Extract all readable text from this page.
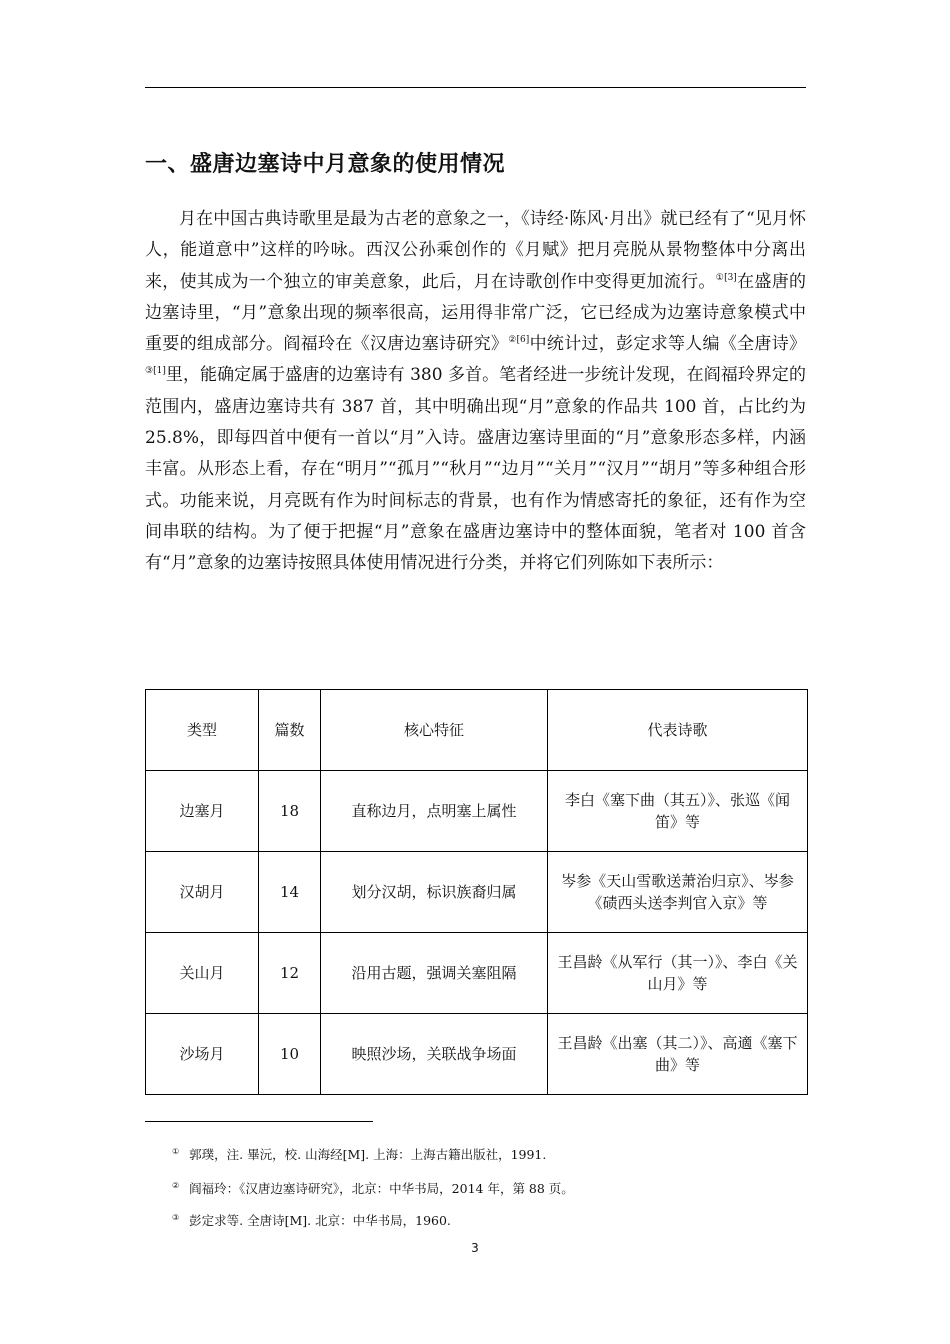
一、盛唐边塞诗中月意象的使用情况

月在中国古典诗歌里是最为古老的意象之一，《诗经·陈风·月出》就已经有了“见月怀人，能道意中”这样的吟咏。西汉公孙乘创作的《月赋》把月亮脱从景物整体中分离出来，使其成为一个独立的审美意象，此后，月在诗歌创作中变得更加流行。$^{①[3]}$在盛唐的边塞诗里，“月”意象出现的频率很高，运用得非常广泛，它已经成为边塞诗意象模式中重要的组成部分。阎福玲在《汉唐边塞诗研究》$^{②[6]}$中统计过，彭定求等人编《全唐诗》$^{③[1]}$里，能确定属于盛唐的边塞诗有 380 多首。笔者经进一步统计发现，在阎福玲界定的范围内，盛唐边塞诗共有 387 首，其中明确出现“月”意象的作品共 100 首，占比约为 25.8%，即每四首中便有一首以“月”入诗。盛唐边塞诗里面的“月”意象形态多样，内涵丰富。从形态上看，存在“明月”“孤月”“秋月”“边月”“关月”“汉月”“胡月”等多种组合形式。功能来说，月亮既有作为时间标志的背景，也有作为情感寄托的象征，还有作为空间串联的结构。为了便于把握“月”意象在盛唐边塞诗中的整体面貌，笔者对 100 首含有“月”意象的边塞诗按照具体使用情况进行分类，并将它们列陈如下表所示：

类型	篇数	核心特征	代表诗歌
边塞月	18	直称边月，点明塞上属性	李白《塞下曲（其五）》、张巡《闻笛》等
汉胡月	14	划分汉胡，标识族裔归属	岑参《天山雪歌送萧治归京》、岑参《碛西头送李判官入京》等
关山月	12	沿用古题，强调关塞阻隔	王昌龄《从军行（其一）》、李白《关山月》等
沙场月	10	映照沙场，关联战争场面	王昌龄《出塞（其二）》、高適《塞下曲》等
① 郭璞，注. 畢沅，校. 山海经[M]. 上海：上海古籍出版社，1991.
② 阎福玲：《汉唐边塞诗研究》，北京：中华书局，2014 年，第 88 页。
③ 彭定求等. 全唐诗[M]. 北京：中华书局，1960.
3
